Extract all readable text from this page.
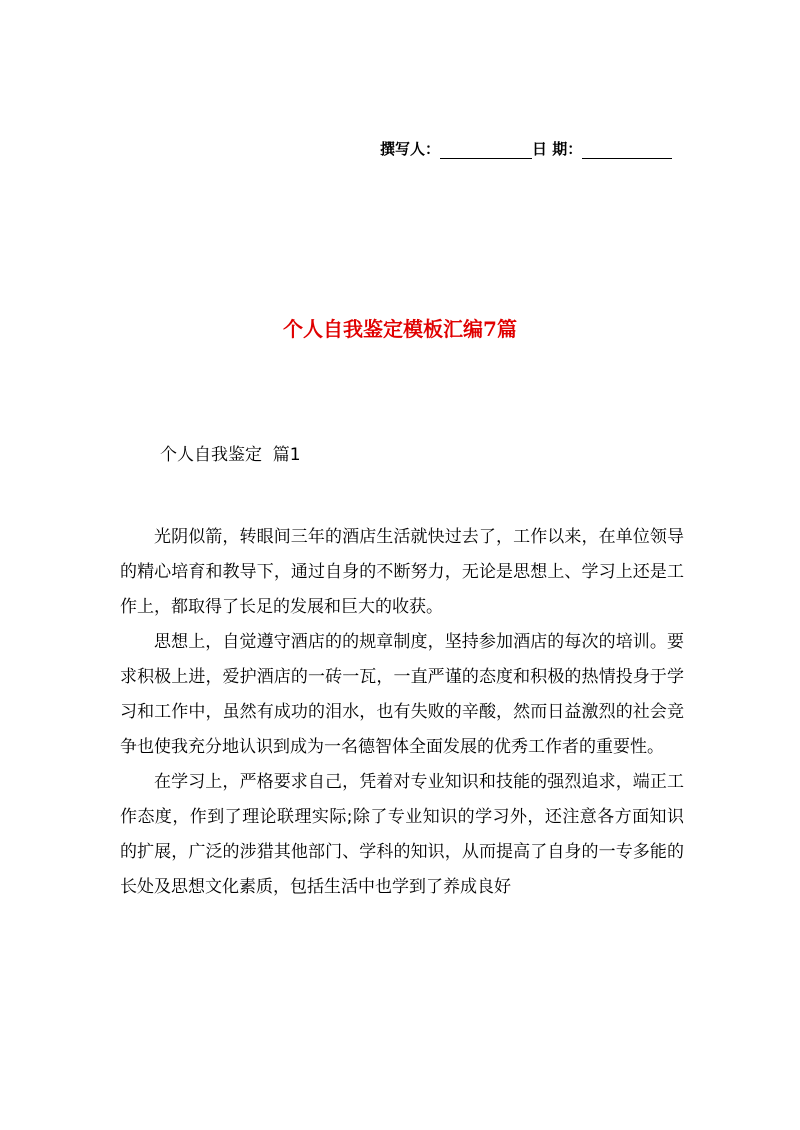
撰写人：	日 期：
个人自我鉴定模板汇编7篇
个人自我鉴定  篇1

光阴似箭，转眼间三年的酒店生活就快过去了，工作以来，在单位领导的精心培育和教导下，通过自身的不断努力，无论是思想上、学习上还是工作上，都取得了长足的发展和巨大的收获。

思想上，自觉遵守酒店的的规章制度，坚持参加酒店的每次的培训。要求积极上进，爱护酒店的一砖一瓦，一直严谨的态度和积极的热情投身于学习和工作中，虽然有成功的泪水，也有失败的辛酸，然而日益激烈的社会竞争也使我充分地认识到成为一名德智体全面发展的优秀工作者的重要性。

在学习上，严格要求自己，凭着对专业知识和技能的强烈追求，端正工作态度，作到了理论联理实际;除了专业知识的学习外，还注意各方面知识的扩展，广泛的涉猎其他部门、学科的知识，从而提高了自身的一专多能的长处及思想文化素质，包括生活中也学到了养成良好
